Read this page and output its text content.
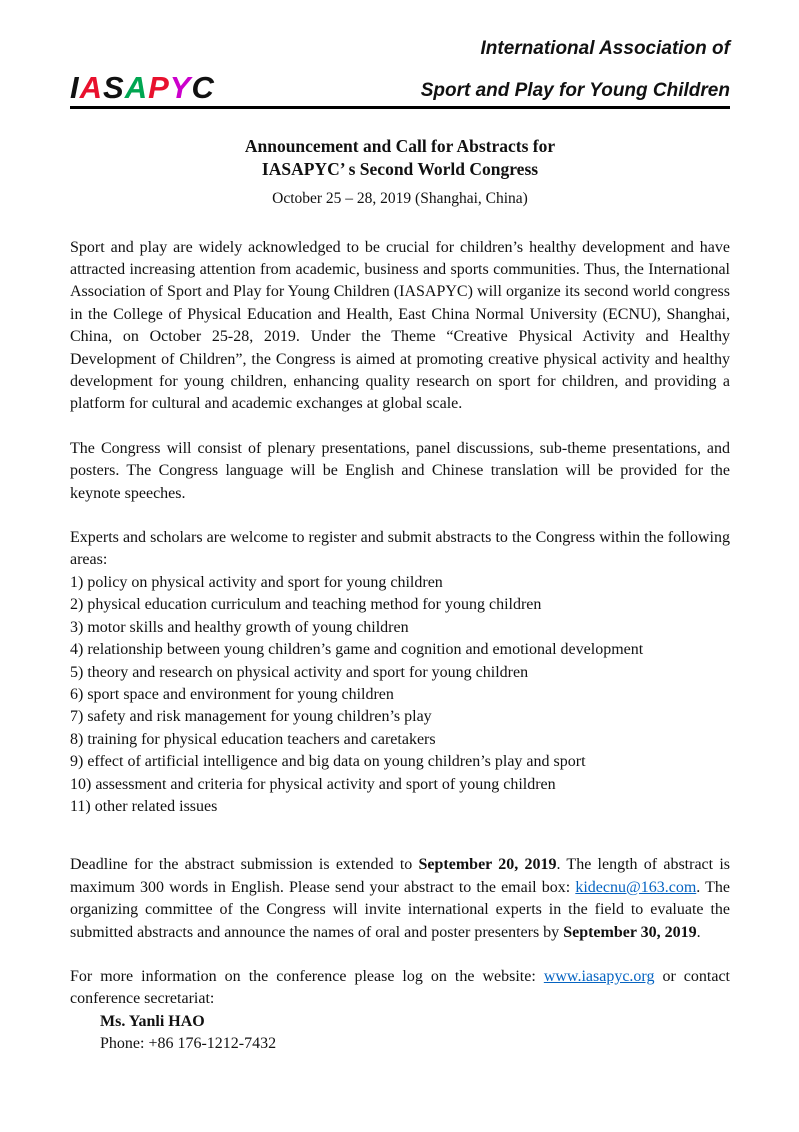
IASAPYC
International Association of
Sport and Play for Young Children
Announcement and Call for Abstracts for
IASAPYC’ s Second World Congress
October 25 – 28, 2019 (Shanghai, China)

Sport and play are widely acknowledged to be crucial for children’s healthy development and have attracted increasing attention from academic, business and sports communities. Thus, the International Association of Sport and Play for Young Children (IASAPYC) will organize its second world congress in the College of Physical Education and Health, East China Normal University (ECNU), Shanghai, China, on October 25-28, 2019. Under the Theme “Creative Physical Activity and Healthy Development of Children”, the Congress is aimed at promoting creative physical activity and healthy development for young children, enhancing quality research on sport for children, and providing a platform for cultural and academic exchanges at global scale.

The Congress will consist of plenary presentations, panel discussions, sub-theme presentations, and posters. The Congress language will be English and Chinese translation will be provided for the keynote speeches.

Experts and scholars are welcome to register and submit abstracts to the Congress within the following areas:
1) policy on physical activity and sport for young children
2) physical education curriculum and teaching method for young children
3) motor skills and healthy growth of young children
4) relationship between young children’s game and cognition and emotional development
5) theory and research on physical activity and sport for young children
6) sport space and environment for young children
7) safety and risk management for young children’s play
8) training for physical education teachers and caretakers
9) effect of artificial intelligence and big data on young children’s play and sport
10) assessment and criteria for physical activity and sport of young children
11) other related issues

Deadline for the abstract submission is extended to September 20, 2019. The length of abstract is maximum 300 words in English. Please send your abstract to the email box: kidecnu@163.com. The organizing committee of the Congress will invite international experts in the field to evaluate the submitted abstracts and announce the names of oral and poster presenters by September 30, 2019.

For more information on the conference please log on the website: www.iasapyc.org or contact conference secretariat:

Ms. Yanli HAO
Phone: +86 176-1212-7432
